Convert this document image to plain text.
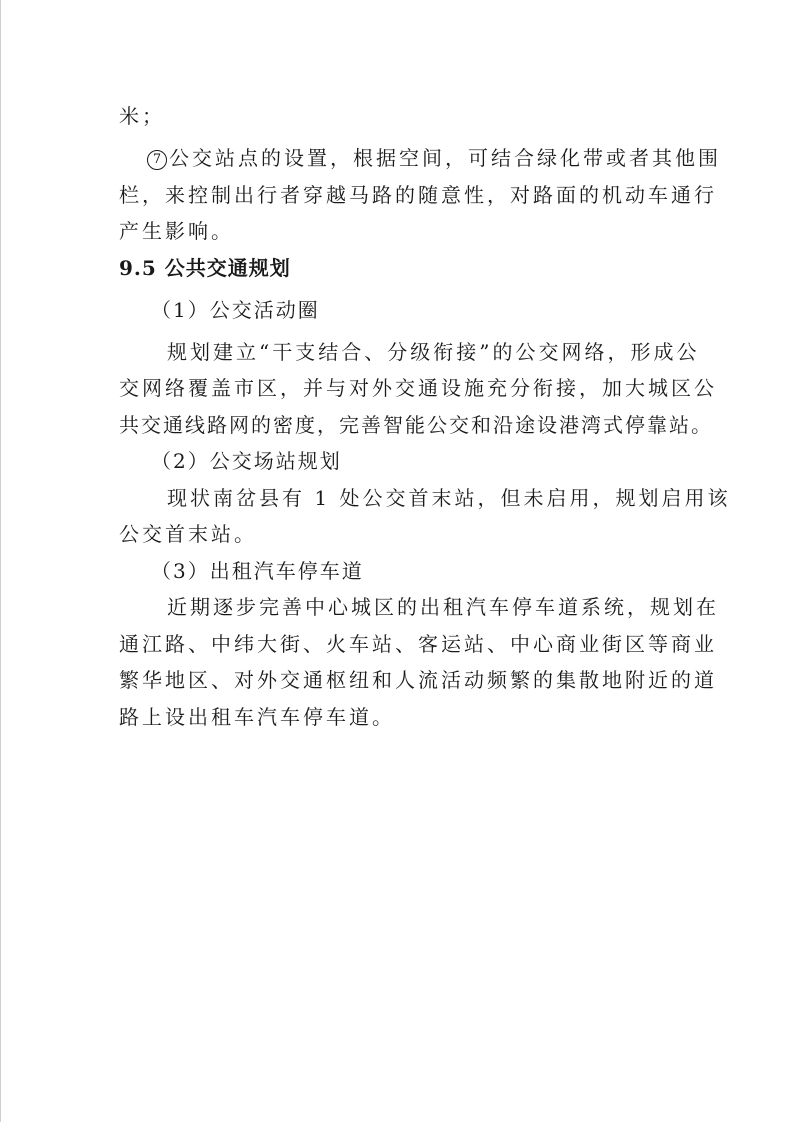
米；
7 公交站点的设置，根据空间，可结合绿化带或者其他围
栏，来控制出行者穿越马路的随意性，对路面的机动车通行
产生影响。
9.5 公共交通规划
（1）公交活动圈
规划建立“干支结合、分级衔接”的公交网络，形成公
交网络覆盖市区，并与对外交通设施充分衔接，加大城区公
共交通线路网的密度，完善智能公交和沿途设港湾式停靠站。
（2）公交场站规划
现状南岔县有 1 处公交首末站，但未启用，规划启用该
公交首末站。
（3）出租汽车停车道
近期逐步完善中心城区的出租汽车停车道系统，规划在
通江路、中纬大街、火车站、客运站、中心商业街区等商业
繁华地区、对外交通枢纽和人流活动频繁的集散地附近的道
路上设出租车汽车停车道。
